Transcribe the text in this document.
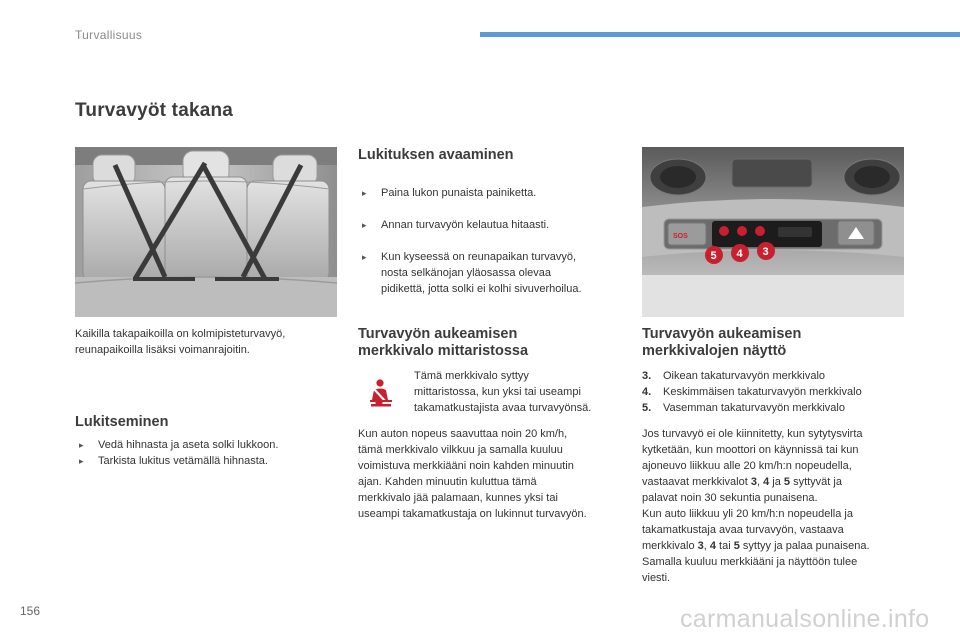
Turvallisuus
Turvavyöt takana
Kaikilla takapaikoilla on kolmipisteturvavyö,
reunapaikoilla lisäksi voimanrajoitin.
Lukitseminen
▸ Vedä hihnasta ja aseta solki lukkoon.
▸ Tarkista lukitus vetämällä hihnasta.
Lukituksen avaaminen

▸ Paina lukon punaista painiketta.

▸ Annan turvavyön kelautua hitaasti.

▸ Kun kyseessä on reunapaikan turvavyö,
nosta selkänojan yläosassa olevaa
pidikettä, jotta solki ei kolhi sivuverhoilua.

Turvavyön aukeamisen
merkkivalo mittaristossa
Tämä merkkivalo syttyy
mittaristossa, kun yksi tai useampi
takamatkustajista avaa turvavyönsä.
Kun auton nopeus saavuttaa noin 20 km/h,
tämä merkkivalo vilkkuu ja samalla kuuluu
voimistuva merkkiääni noin kahden minuutin
ajan. Kahden minuutin kuluttua tämä
merkkivalo jää palamaan, kunnes yksi tai
useampi takamatkustaja on lukinnut turvavyön.
SOS
5 4 3
Turvavyön aukeamisen
merkkivalojen näyttö
3. Oikean takaturvavyön merkkivalo
4. Keskimmäisen takaturvavyön merkkivalo
5. Vasemman takaturvavyön merkkivalo
Jos turvavyö ei ole kiinnitetty, kun sytytysvirta
kytketään, kun moottori on käynnissä tai kun
ajoneuvo liikkuu alle 20 km/h:n nopeudella,
vastaavat merkkivalot 3, 4 ja 5 syttyvät ja
palavat noin 30 sekuntia punaisena.
Kun auto liikkuu yli 20 km/h:n nopeudella ja
takamatkustaja avaa turvavyön, vastaava
merkkivalo 3, 4 tai 5 syttyy ja palaa punaisena.
Samalla kuuluu merkkiääni ja näyttöön tulee
viesti.
156	carmanualsonline.info
